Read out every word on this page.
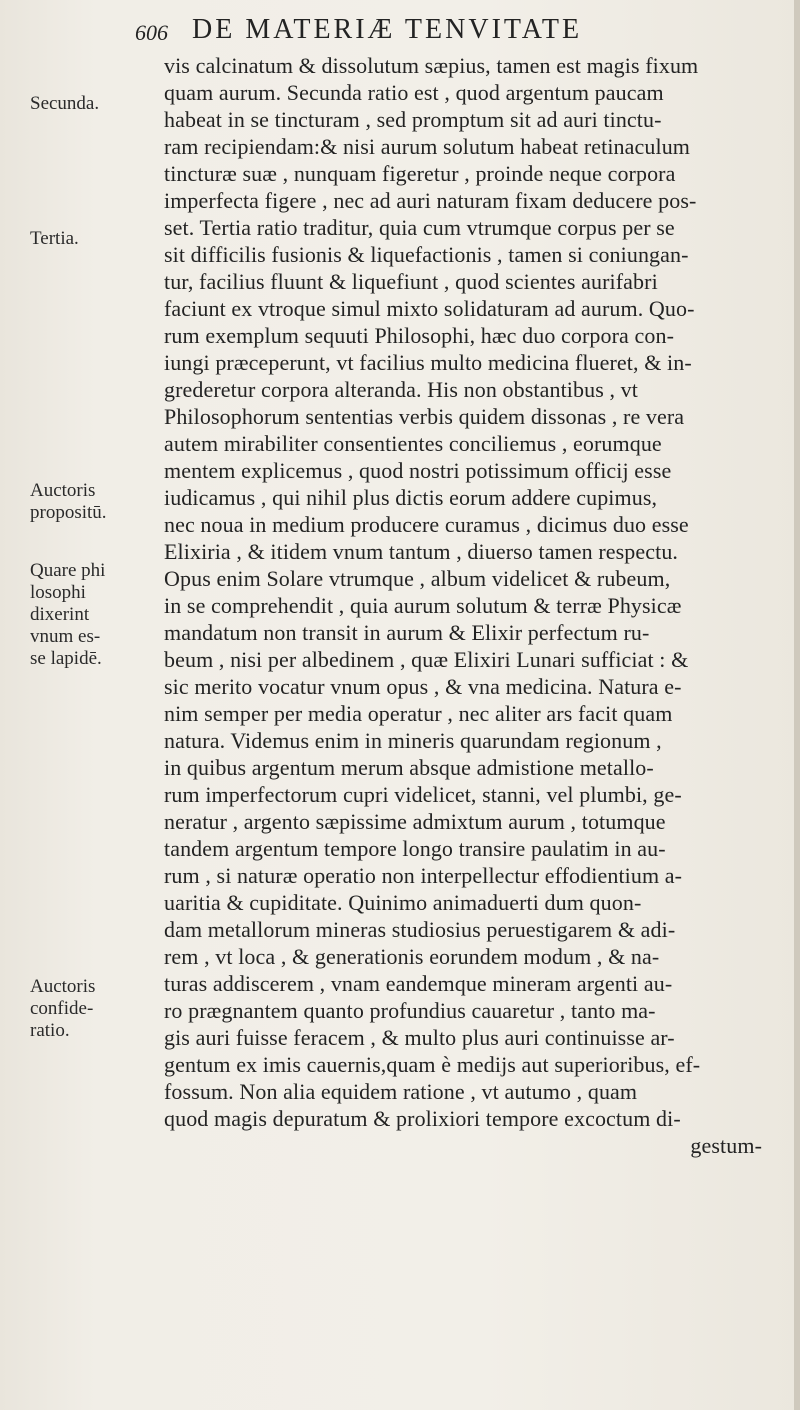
606 DE MATERIÆ TENVITATE
Secunda.
Tertia.
Auctoris
propositū.
Quare phi
losophi
dixerint
vnum es-
se lapidē.
Auctoris
confide-
ratio.
vis calcinatum & dissolutum sæpius, tamen est magis fixum
quam aurum. Secunda ratio est , quod argentum paucam
habeat in se tincturam , sed promptum sit ad auri tinctu-
ram recipiendam:& nisi aurum solutum habeat retinaculum
tincturæ suæ , nunquam figeretur , proinde neque corpora
imperfecta figere , nec ad auri naturam fixam deducere pos-
set. Tertia ratio traditur, quia cum vtrumque corpus per se
sit difficilis fusionis & liquefactionis , tamen si coniungan-
tur, facilius fluunt & liquefiunt , quod scientes aurifabri
faciunt ex vtroque simul mixto solidaturam ad aurum. Quo-
rum exemplum sequuti Philosophi, hæc duo corpora con-
iungi præceperunt, vt facilius multo medicina flueret, & in-
grederetur corpora alteranda. His non obstantibus , vt
Philosophorum sententias verbis quidem dissonas , re vera
autem mirabiliter consentientes conciliemus , eorumque
mentem explicemus , quod nostri potissimum officij esse
iudicamus , qui nihil plus dictis eorum addere cupimus,
nec noua in medium producere curamus , dicimus duo esse
Elixiria , & itidem vnum tantum , diuerso tamen respectu.
Opus enim Solare vtrumque , album videlicet & rubeum,
in se comprehendit , quia aurum solutum & terræ Physicæ
mandatum non transit in aurum & Elixir perfectum ru-
beum , nisi per albedinem , quæ Elixiri Lunari sufficiat : &
sic merito vocatur vnum opus , & vna medicina. Natura e-
nim semper per media operatur , nec aliter ars facit quam
natura. Videmus enim in mineris quarundam regionum ,
in quibus argentum merum absque admistione metallo-
rum imperfectorum cupri videlicet, stanni, vel plumbi, ge-
neratur , argento sæpissime admixtum aurum , totumque
tandem argentum tempore longo transire paulatim in au-
rum , si naturæ operatio non interpellectur effodientium a-
uaritia & cupiditate. Quinimo animaduerti dum quon-
dam metallorum mineras studiosius peruestigarem & adi-
rem , vt loca , & generationis eorundem modum , & na-
turas addiscerem , vnam eandemque mineram argenti au-
ro prægnantem quanto profundius cauaretur , tanto ma-
gis auri fuisse feracem , & multo plus auri continuisse ar-
gentum ex imis cauernis,quam è medijs aut superioribus, ef-
fossum. Non alia equidem ratione , vt autumo , quam
quod magis depuratum & prolixiori tempore excoctum di-
gestum-
